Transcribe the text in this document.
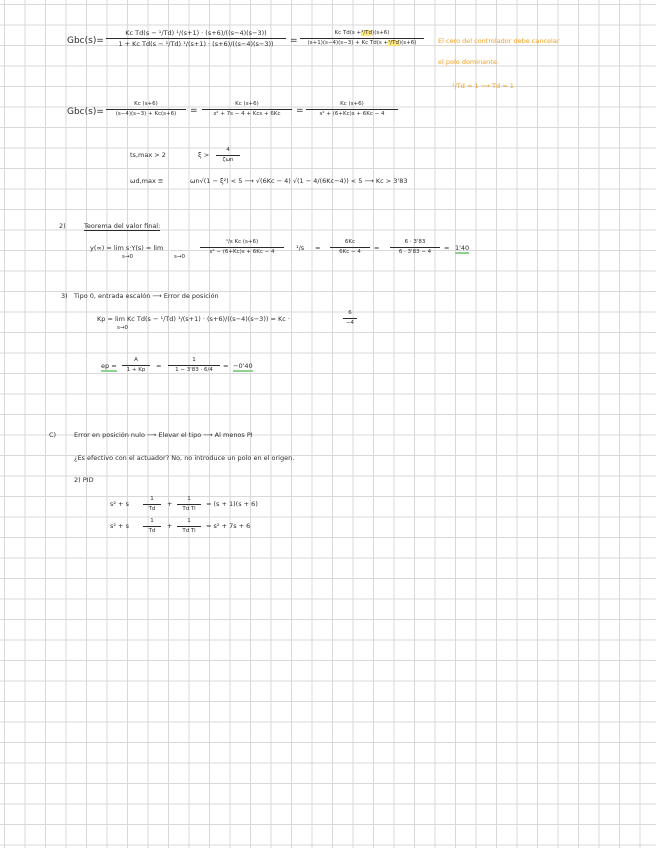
$Gbc(s)= \frac{\text{Kc Td(s − ¹/Td) ¹/(s+1) · (s+6)/((s−4)(s−3))}}{\text{1 + Kc Td(s − ¹/Td) ¹/(s+1) · (s+6)/((s−4)(s−3))}} = \frac{\text{Kc Td(s +¹/Td)(s+6)}}{\text{(s+1)(s−4)(s−3) + Kc Td(s +¹/Td)(s+6)}}$ El cero del controlador debe cancelar
el polo dominante.
¹/Td = 1 ⟶ Td = 1
$Gbc(s)= \frac{Kc (s+6)}{(s-4)(s-3) + Kc(s+6)}$ =
Kc (s+6)
s² + 7s − 4 + Kcs + 6Kc	= $\frac{Kc (s+6)}{\text{s² + (6+Kc)s + 6Kc − 4}}$
ts,max > 2	ξ >
4
ζωn
ωd,max ≡	ωn√(1 − ξ²) < 5 ⟶ √(6Kc − 4) √(1 − 4/(6Kc−4)) < 5 ⟶ Kc > 3'83
2)	Teorema del valor final:
y(∞) = lim s·Y(s) = lim
s→0	s→0
$\frac{\text{¹/s Kc (s+6)}}{\text{s² − (6+Kc)s + 6Kc − 4}} ^1/s = \frac{6Kc}{6Kc - 4} = \frac{6 \cdot 3'83}{6 \cdot 3'83 - 4} = 1'40$
3) Tipo 0, entrada escalón ⟶ Error de posición
Kp = lim Kc Td(s − ¹/Td) ¹/(s+1) · (s+6)/((s−4)(s−3)) = Kc ·
s→0
$\frac{6}{-4}$
ep = $\frac{A}{1 + Kp} = \frac{1}{1 - 3'83 \cdot 6/4} = -0'40$
C)	Error en posición nulo ⟶ Elevar el tipo ⟶ Al menos PI
¿Es efectivo con el actuador? No, no introduce un polo en el origen.
2) PID
s² + s	$\frac{1}{Td} + \frac{1}{\text{Td Ti}} = (s + 1)(s + 6)$
s² + s	$\frac{1}{Td} + \frac{1}{\text{Td Ti}} = s^2 + 7s + 6$
